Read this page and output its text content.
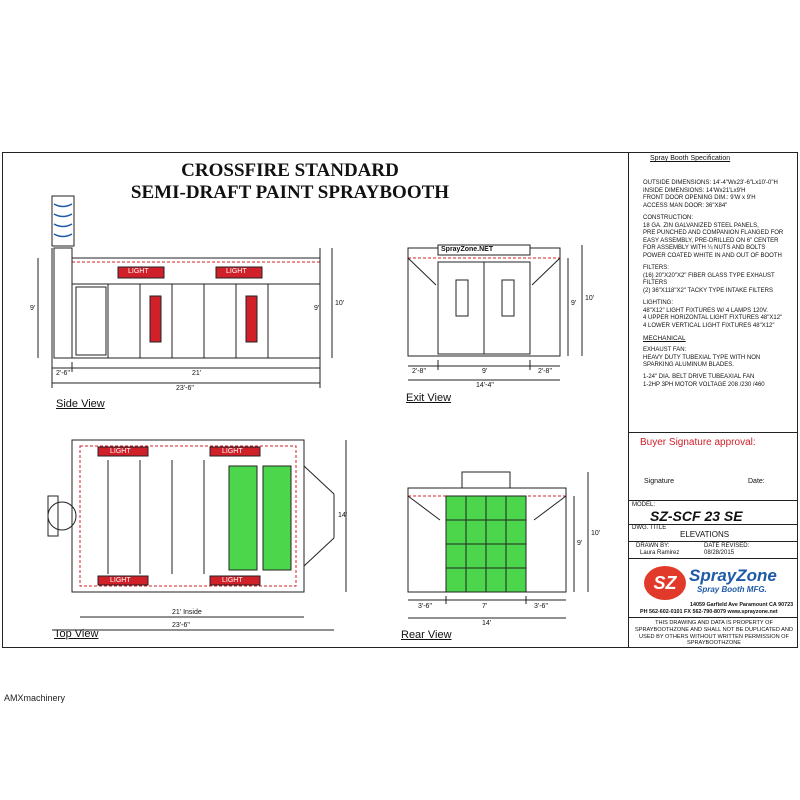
CROSSFIRE STANDARD
SEMI-DRAFT PAINT SPRAYBOOTH
LIGHT	LIGHT
LIGHT	LIGHT
LIGHT	LIGHT
SprayZone.NET
2'-6"	21'
23'-6"
9'	9'
10'
2'-8"	9'	2'-8"
14'-4"
9'
10'
21' Inside
23'-6"
14'
3'-6"	7'	3'-6"
14'
9'
10'
Side View	Exit View
Top View	Rear View
Spray Booth Specification
OUTSIDE DIMENSIONS: 14'-4"Wx23'-6"Lx10'-0"H
INSIDE DIMENSIONS: 14'Wx21'Lx9'H
FRONT DOOR OPENING DIM.: 9'W x 9'H
ACCESS MAN DOOR: 36"X84"
CONSTRUCTION:
18 GA. ZIN GALVANIZED STEEL PANELS,
PRE PUNCHED AND COMPANION FLANGED FOR
EASY ASSEMBLY, PRE-DRILLED ON 6" CENTER
FOR ASSEMBLY WITH ¼ NUTS AND BOLTS
POWER COATED WHITE IN AND OUT OF BOOTH
FILTERS:
(16) 20"X20"X2" FIBER GLASS TYPE EXHAUST
FILTERS
(2) 36"X118"X2" TACKY TYPE INTAKE FILTERS
LIGHTING:
48"X12" LIGHT FIXTURES W/ 4 LAMPS 120V.
4 UPPER HORIZONTAL LIGHT FIXTURES 48"X12"
4 LOWER VERTICAL LIGHT FIXTURES 48"X12"
MECHANICAL
EXHAUST FAN:
HEAVY DUTY TUBEXIAL TYPE WITH NON
SPARKING ALUMINUM BLADES.
1-24" DIA. BELT DRIVE TUBEAXIAL FAN
1-2HP 3PH MOTOR VOLTAGE 208 /230 /460
Buyer Signature approval:
Signature	Date:
MODEL:
SZ-SCF 23 SE
DWG. TITLE
ELEVATIONS
DRAWN BY:
Laura Ramirez
DATE REVISED:
08/28/2015
SZ SprayZone
Spray Booth MFG.
14059 Garfield Ave Paramount CA 90723
PH 562-602-0101 FX 562-790-8079 www.sprayzone.net
THIS DRAWING AND DATA IS PROPERTY OF SPRAYBOOTHZONE AND SHALL NOT BE DUPLICATED AND USED BY OTHERS WITHOUT WRITTEN PERMISSION OF SPRAYBOOTHZONE
AMXmachinery
